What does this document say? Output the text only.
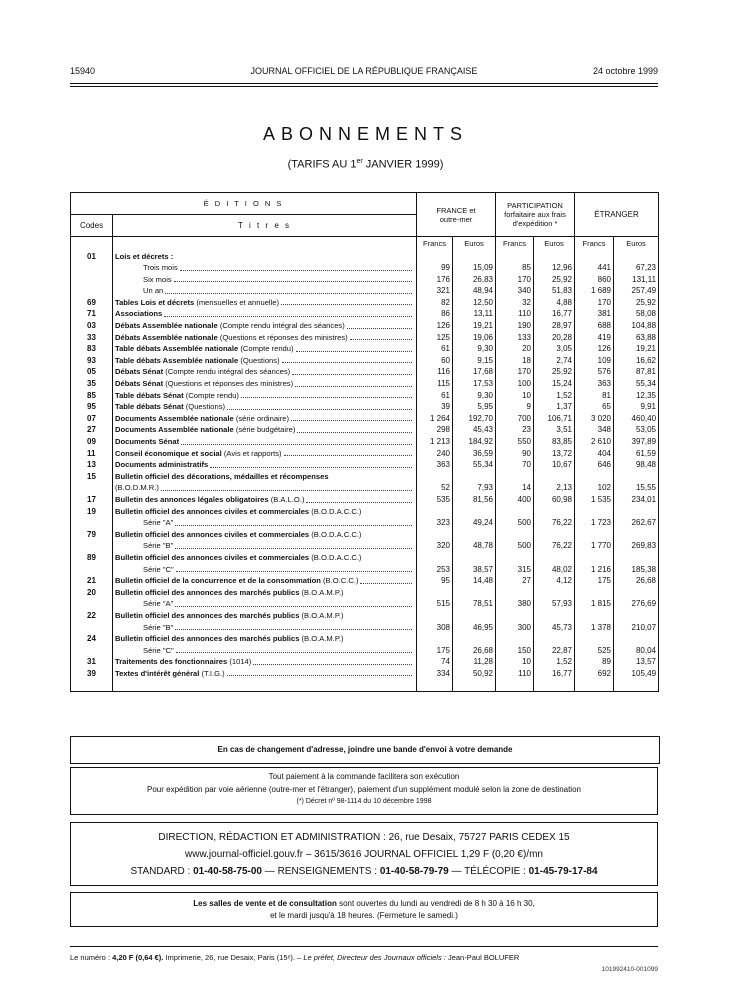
15940	JOURNAL OFFICIEL DE LA RÉPUBLIQUE FRANÇAISE	24 octobre 1999
ABONNEMENTS
(TARIFS AU 1er JANVIER 1999)
É D I T I O N S		FRANCE et outre-mer		PARTICIPATION forfaitaire aux frais d'expédition *		ÉTRANGER	
Codes	T i t r e s						
		Francs	Euros	Francs	Euros	Francs	Euros
01	Lois et décrets :						

	Trois mois	99	15,09	85	12,96	441	67,23

	Six mois	176	26,83	170	25,92	860	131,11

	Un an	321	48,94	340	51,83	1 689	257,49
69	Tables Lois et décrets (mensuelles et annuelle)	82	12,50	32	4,88	170	25,92
71	Associations	86	13,11	110	16,77	381	58,08
03	Débats Assemblée nationale (Compte rendu intégral des séances)	126	19,21	190	28,97	688	104,88
33	Débats Assemblée nationale (Questions et réponses des ministres)	125	19,06	133	20,28	419	63,88
83	Table débats Assemblée nationale (Compte rendu)	61	9,30	20	3,05	126	19,21
93	Table débats Assemblée nationale (Questions)	60	9,15	18	2,74	109	16,62
05	Débats Sénat (Compte rendu intégral des séances)	116	17,68	170	25,92	576	87,81
35	Débats Sénat (Questions et réponses des ministres)	115	17,53	100	15,24	363	55,34
85	Table débats Sénat (Compte rendu)	61	9,30	10	1,52	81	12,35
95	Table débats Sénat (Questions)	39	5,95	9	1,37	65	9,91
07	Documents Assemblée nationale (série ordinaire)	1 264	192,70	700	106,71	3 020	460,40
27	Documents Assemblée nationale (série budgétaire)	298	45,43	23	3,51	348	53,05
09	Documents Sénat	1 213	184,92	550	83,85	2 610	397,89
11	Conseil économique et social (Avis et rapports)	240	36,59	90	13,72	404	61,59
13	Documents administratifs	363	55,34	70	10,67	646	98,48
15	Bulletin officiel des décorations, médailles et récompenses						

	(B.O.D.M.R.)	52	7,93	14	2,13	102	15,55
17	Bulletin des annonces légales obligatoires (B.A.L.O.)	535	81,56	400	60,98	1 535	234,01
19	Bulletin officiel des annonces civiles et commerciales (B.O.D.A.C.C.)						

	Série "A"	323	49,24	500	76,22	1 723	262,67
79	Bulletin officiel des annonces civiles et commerciales (B.O.D.A.C.C.)						

	Série "B"	320	48,78	500	76,22	1 770	269,83
89	Bulletin officiel des annonces civiles et commerciales (B.O.D.A.C.C.)						

	Série "C"	253	38,57	315	48,02	1 216	185,38
21	Bulletin officiel de la concurrence et de la consommation (B.O.C.C.)	95	14,48	27	4,12	175	26,68
20	Bulletin officiel des annonces des marchés publics (B.O.A.M.P.)						

	Série "A"	515	78,51	380	57,93	1 815	276,69
22	Bulletin officiel des annonces des marchés publics (B.O.A.M.P.)						

	Série "B"	308	46,95	300	45,73	1 378	210,07
24	Bulletin officiel des annonces des marchés publics (B.O.A.M.P.)						

	Série "C"	175	26,68	150	22,87	525	80,04
31	Traitements des fonctionnaires (1014)	74	11,28	10	1,52	89	13,57
39	Textes d'intérêt général (T.I.G.)	334	50,92	110	16,77	692	105,49

En cas de changement d'adresse, joindre une bande d'envoi à votre demande
Tout paiement à la commande facilitera son exécution
Pour expédition par voie aérienne (outre-mer et l'étranger), paiement d'un supplément modulé selon la zone de destination
(*) Décret nº 98-1114 du 10 décembre 1998
DIRECTION, RÉDACTION ET ADMINISTRATION : 26, rue Desaix, 75727 PARIS CEDEX 15
www.journal-officiel.gouv.fr – 3615/3616 JOURNAL OFFICIEL 1,29 F (0,20 €)/mn
STANDARD : 01-40-58-75-00 — RENSEIGNEMENTS : 01-40-58-79-79 — TÉLÉCOPIE : 01-45-79-17-84
Les salles de vente et de consultation sont ouvertes du lundi au vendredi de 8 h 30 à 16 h 30,
et le mardi jusqu'à 18 heures. (Fermeture le samedi.)
Le numéro : 4,20 F (0,64 €). Imprimerie, 26, rue Desaix, Paris (15ᵉ). – Le préfet, Directeur des Journaux officiels : Jean-Paul BOLUFER
101992410-001099
